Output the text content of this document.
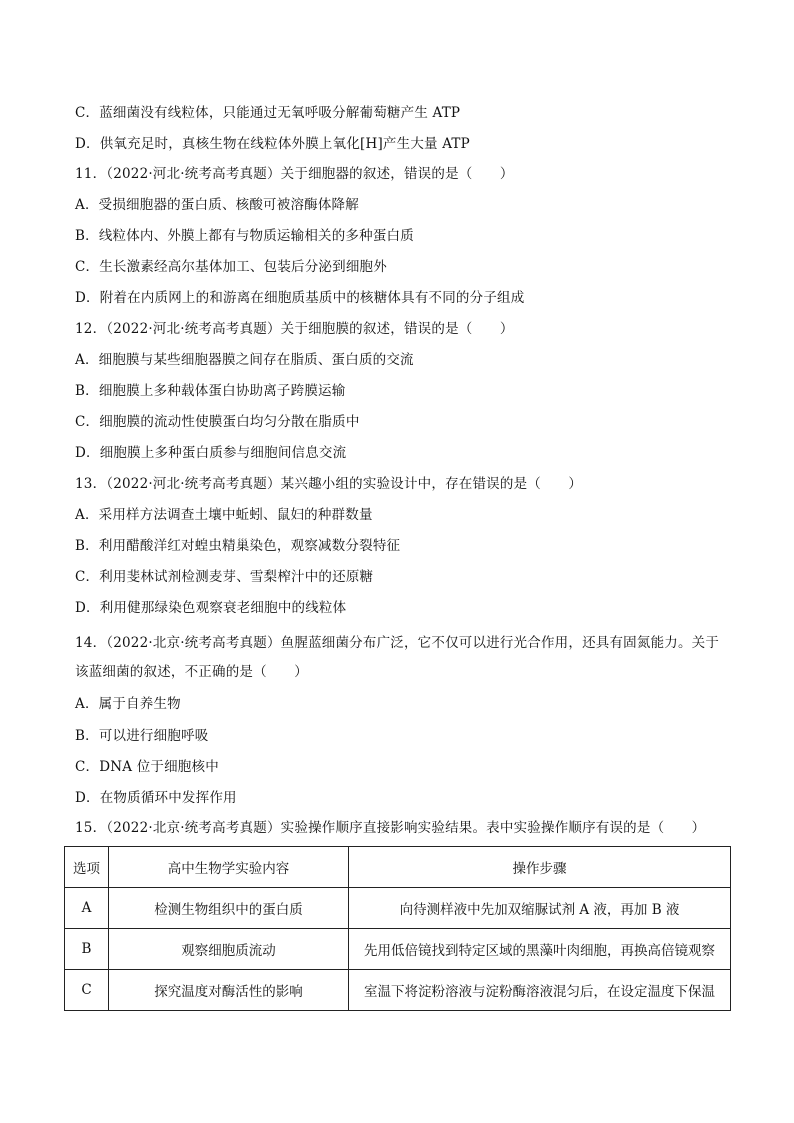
C．蓝细菌没有线粒体，只能通过无氧呼吸分解葡萄糖产生 ATP
D．供氧充足时，真核生物在线粒体外膜上氧化[H]产生大量 ATP
11．（2022·河北·统考高考真题）关于细胞器的叙述，错误的是（　　）
A．受损细胞器的蛋白质、核酸可被溶酶体降解
B．线粒体内、外膜上都有与物质运输相关的多种蛋白质
C．生长激素经高尔基体加工、包装后分泌到细胞外
D．附着在内质网上的和游离在细胞质基质中的核糖体具有不同的分子组成
12．（2022·河北·统考高考真题）关于细胞膜的叙述，错误的是（　　）
A．细胞膜与某些细胞器膜之间存在脂质、蛋白质的交流
B．细胞膜上多种载体蛋白协助离子跨膜运输
C．细胞膜的流动性使膜蛋白均匀分散在脂质中
D．细胞膜上多种蛋白质参与细胞间信息交流
13．（2022·河北·统考高考真题）某兴趣小组的实验设计中，存在错误的是（　　）
A．采用样方法调查土壤中蚯蚓、鼠妇的种群数量
B．利用醋酸洋红对蝗虫精巢染色，观察减数分裂特征
C．利用斐林试剂检测麦芽、雪梨榨汁中的还原糖
D．利用健那绿染色观察衰老细胞中的线粒体
14．（2022·北京·统考高考真题）鱼腥蓝细菌分布广泛，它不仅可以进行光合作用，还具有固氮能力。关于
该蓝细菌的叙述，不正确的是（　　）
A．属于自养生物
B．可以进行细胞呼吸
C．DNA 位于细胞核中
D．在物质循环中发挥作用
15．（2022·北京·统考高考真题）实验操作顺序直接影响实验结果。表中实验操作顺序有误的是（　　）
选项	高中生物学实验内容	操作步骤
A	检测生物组织中的蛋白质	向待测样液中先加双缩脲试剂 A 液，再加 B 液
B	观察细胞质流动	先用低倍镜找到特定区域的黑藻叶肉细胞，再换高倍镜观察
C	探究温度对酶活性的影响	室温下将淀粉溶液与淀粉酶溶液混匀后，在设定温度下保温
